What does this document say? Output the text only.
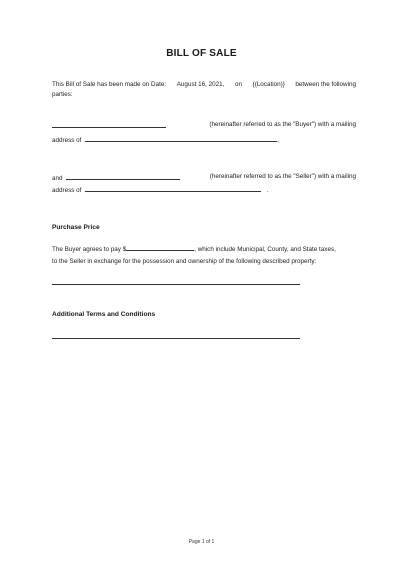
BILL OF SALE
This Bill of Sale has been made on Date: August 16, 2021, on {(Location)} between the following
parties:
(hereinafter referred to as the "Buyer") with a mailing
address of	,
and	(hereinafter referred to as the "Seller") with a mailing
address of	.
Purchase Price
The Buyer agrees to pay $	, which include Municipal, County, and State taxes,
to the Seller in exchange for the possession and ownership of the following described property:
Additional Terms and Conditions
Page 1 of 1
